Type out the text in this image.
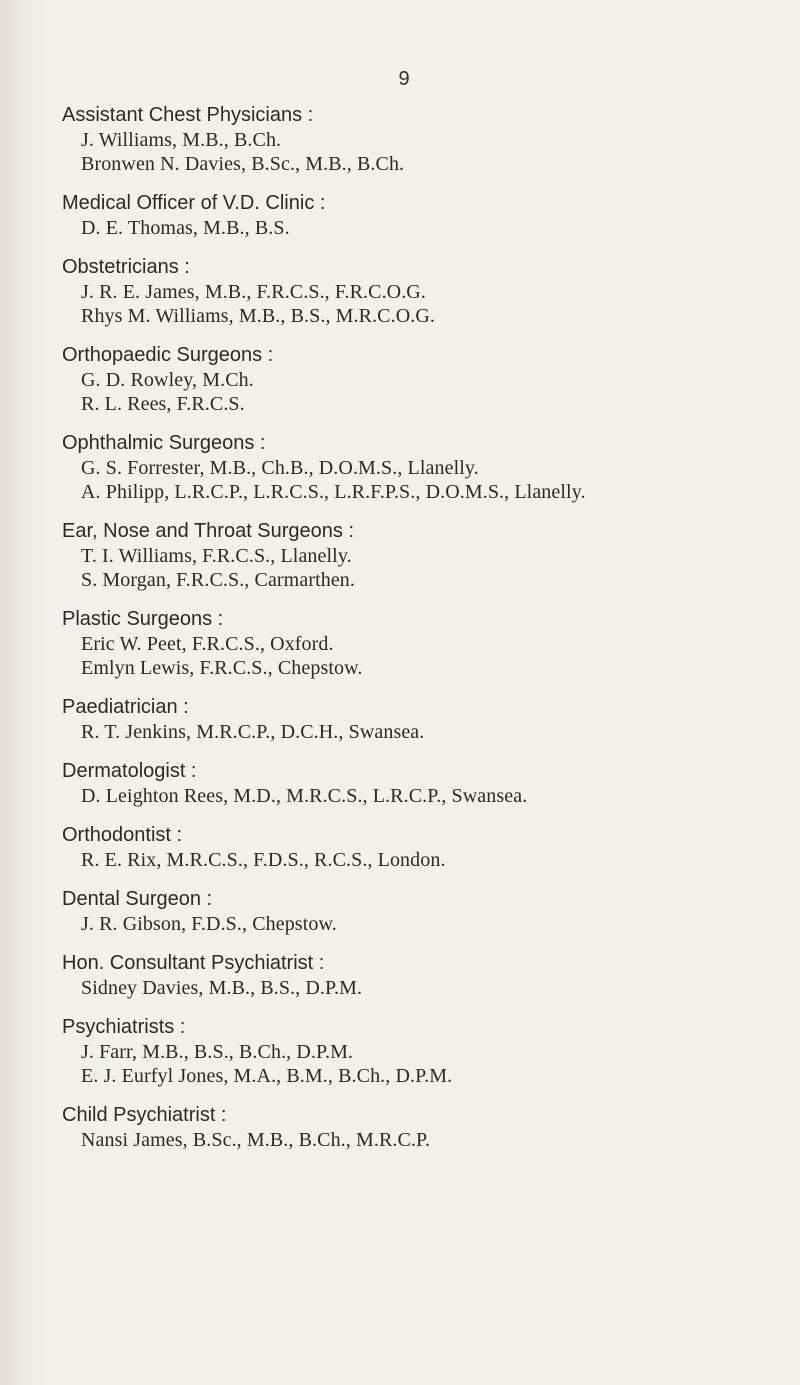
9
Assistant Chest Physicians :
J. Williams, M.B., B.Ch.
Bronwen N. Davies, B.Sc., M.B., B.Ch.
Medical Officer of V.D. Clinic :
D. E. Thomas, M.B., B.S.
Obstetricians :
J. R. E. James, M.B., F.R.C.S., F.R.C.O.G.
Rhys M. Williams, M.B., B.S., M.R.C.O.G.
Orthopaedic Surgeons :
G. D. Rowley, M.Ch.
R. L. Rees, F.R.C.S.
Ophthalmic Surgeons :
G. S. Forrester, M.B., Ch.B., D.O.M.S., Llanelly.
A. Philipp, L.R.C.P., L.R.C.S., L.R.F.P.S., D.O.M.S., Llanelly.
Ear, Nose and Throat Surgeons :
T. I. Williams, F.R.C.S., Llanelly.
S. Morgan, F.R.C.S., Carmarthen.
Plastic Surgeons :
Eric W. Peet, F.R.C.S., Oxford.
Emlyn Lewis, F.R.C.S., Chepstow.
Paediatrician :
R. T. Jenkins, M.R.C.P., D.C.H., Swansea.
Dermatologist :
D. Leighton Rees, M.D., M.R.C.S., L.R.C.P., Swansea.
Orthodontist :
R. E. Rix, M.R.C.S., F.D.S., R.C.S., London.
Dental Surgeon :
J. R. Gibson, F.D.S., Chepstow.
Hon. Consultant Psychiatrist :
Sidney Davies, M.B., B.S., D.P.M.
Psychiatrists :
J. Farr, M.B., B.S., B.Ch., D.P.M.
E. J. Eurfyl Jones, M.A., B.M., B.Ch., D.P.M.
Child Psychiatrist :
Nansi James, B.Sc., M.B., B.Ch., M.R.C.P.
